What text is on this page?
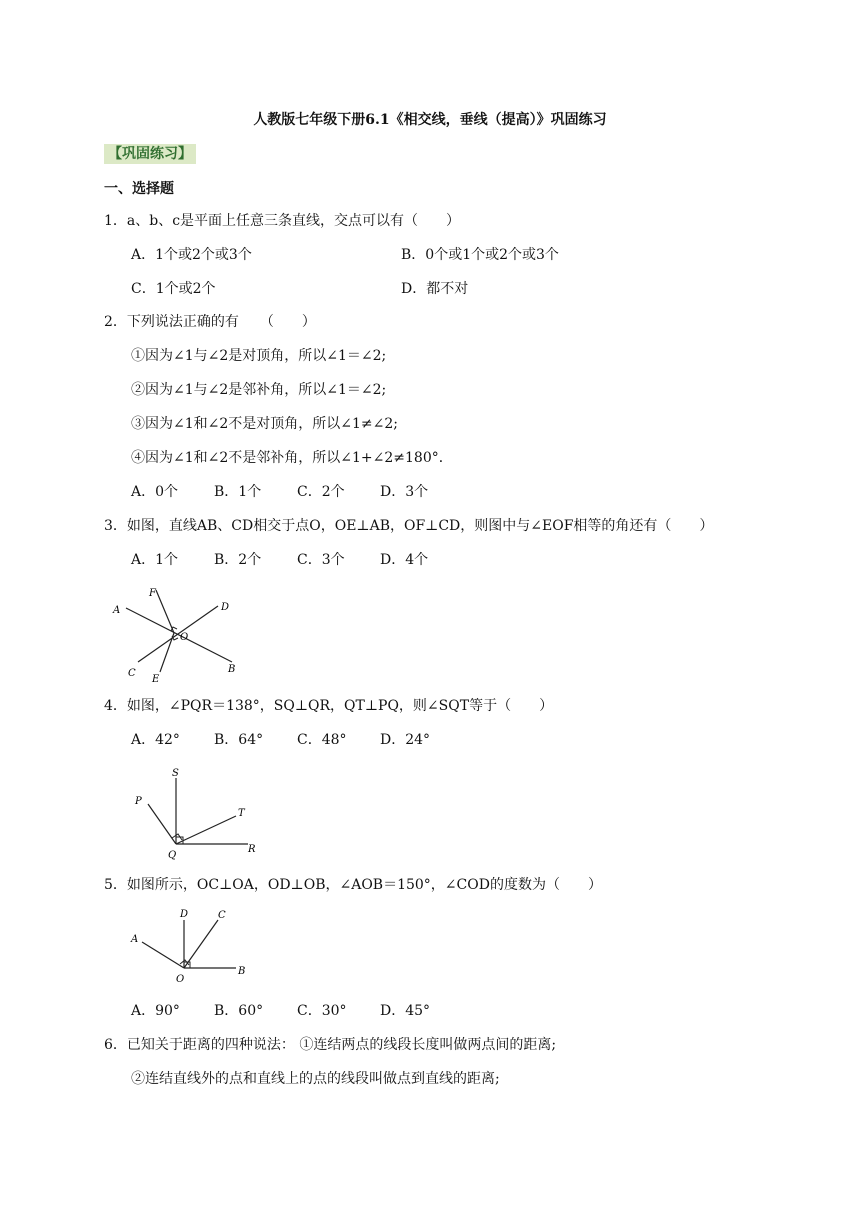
人教版七年级下册6.1《相交线，垂线（提高）》巩固练习
【巩固练习】
一、选择题
1．a、b、c是平面上任意三条直线，交点可以有（　　）
A．1个或2个或3个	B．0个或1个或2个或3个
C．1个或2个	D．都不对
2．下列说法正确的有　　（　　）
①因为∠1与∠2是对顶角，所以∠1＝∠2;
②因为∠1与∠2是邻补角，所以∠1＝∠2;
③因为∠1和∠2不是对顶角，所以∠1≠∠2;
④因为∠1和∠2不是邻补角，所以∠1+∠2≠180°．
A．0个	B．1个	C．2个	D．3个
3．如图，直线AB、CD相交于点O，OE⊥AB，OF⊥CD，则图中与∠EOF相等的角还有（　　）
A．1个	B．2个	C．3个	D．4个
A
F
D
O
C
E
B
4．如图，∠PQR＝138°，SQ⊥QR，QT⊥PQ，则∠SQT等于（　　）
A．42° B．64° C．48° D．24°
S
P
T
Q
R
5．如图所示，OC⊥OA，OD⊥OB，∠AOB＝150°，∠COD的度数为（　　）
D	C
A
O
B
A．90° B．60° C．30° D．45°
6．已知关于距离的四种说法： ①连结两点的线段长度叫做两点间的距离;
②连结直线外的点和直线上的点的线段叫做点到直线的距离;
